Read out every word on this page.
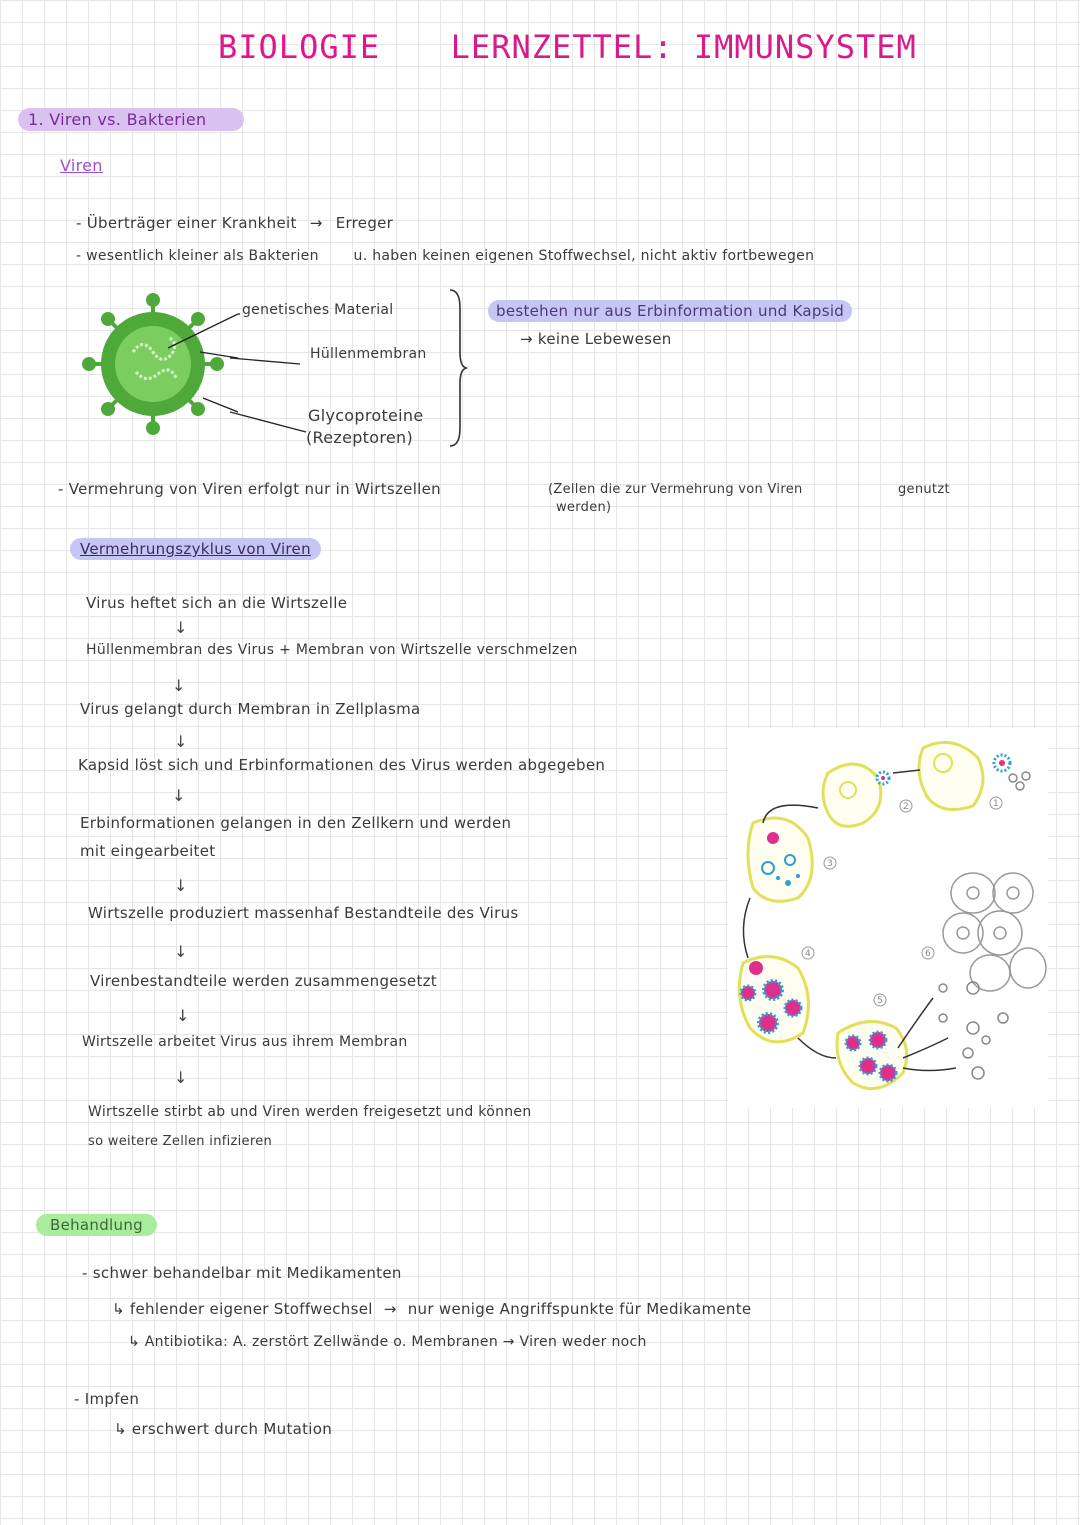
BIOLOGIE LERNZETTEL: IMMUNSYSTEM
1. Viren vs. Bakterien
Viren
- Überträger einer Krankheit → Erreger
- wesentlich kleiner als Bakterien u. haben keinen eigenen Stoffwechsel, nicht aktiv fortbewegen
genetisches Material
Hüllenmembran
Glycoproteine
(Rezeptoren)
bestehen nur aus Erbinformation und Kapsid
→ keine Lebewesen
- Vermehrung von Viren erfolgt nur in Wirtszellen	(Zellen die zur Vermehrung von Viren
werden)
genutzt
Vermehrungszyklus von Viren
Virus heftet sich an die Wirtszelle
↓
Hüllenmembran des Virus + Membran von Wirtszelle verschmelzen
↓
Virus gelangt durch Membran in Zellplasma
↓
Kapsid löst sich und Erbinformationen des Virus werden abgegeben
↓
Erbinformationen gelangen in den Zellkern und werden
mit eingearbeitet
↓
Wirtszelle produziert massenhaf Bestandteile des Virus
↓
Virenbestandteile werden zusammengesetzt
↓
Wirtszelle arbeitet Virus aus ihrem Membran
↓
Wirtszelle stirbt ab und Viren werden freigesetzt und können
so weitere Zellen infizieren
1
2
3
4
5
6
Behandlung
- schwer behandelbar mit Medikamenten
↳ fehlender eigener Stoffwechsel → nur wenige Angriffspunkte für Medikamente
↳ Antibiotika: A. zerstört Zellwände o. Membranen → Viren weder noch
- Impfen
↳ erschwert durch Mutation
